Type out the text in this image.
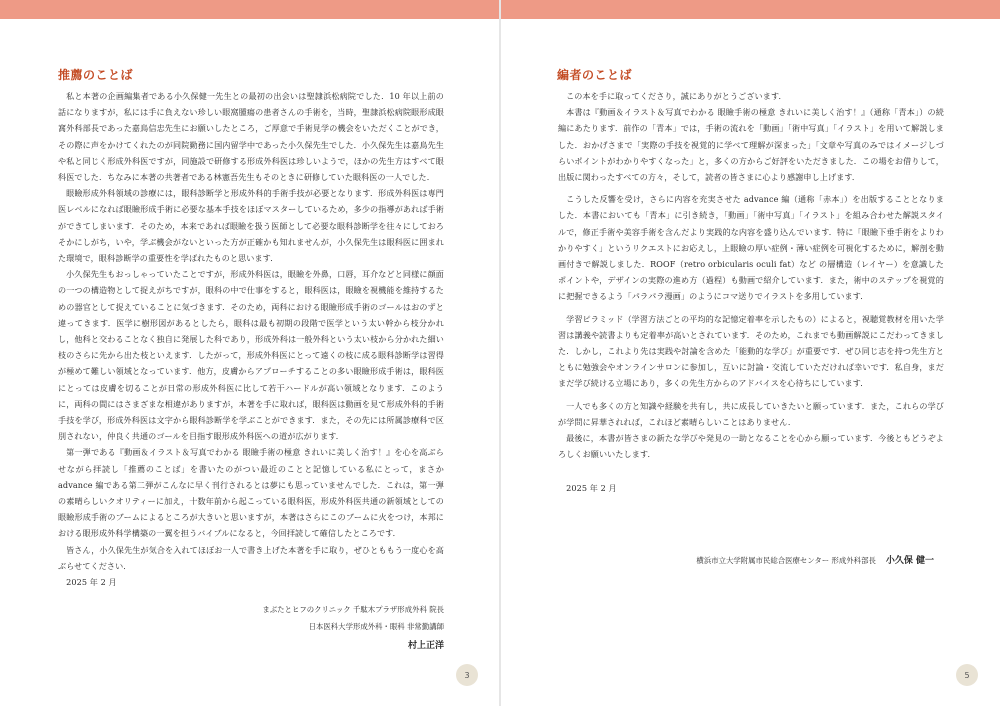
推薦のことば

私と本著の企画編集者である小久保健一先生との最初の出会いは聖隷浜松病院でした．10 年以上前の話になりますが，私には手に負えない珍しい眼窩腫瘍の患者さんの手術を，当時，聖隷浜松病院眼形成眼窩外科部長であった嘉鳥信忠先生にお願いしたところ，ご厚意で手術見学の機会をいただくことができ，その際に声をかけてくれたのが同院勤務に国内留学中であった小久保先生でした．小久保先生は嘉鳥先生や私と同じく形成外科医ですが，同施設で研修する形成外科医は珍しいようで，ほかの先生方はすべて眼科医でした．ちなみに本著の共著者である林憲吾先生もそのときに研修していた眼科医の一人でした．

眼瞼形成外科領域の診療には，眼科診断学と形成外科的手術手技が必要となります．形成外科医は専門医レベルになれば眼瞼形成手術に必要な基本手技をほぼマスターしているため，多少の指導があれば手術ができてしまいます．そのため，本来であれば眼瞼を扱う医師として必要な眼科診断学を往々にしておろそかにしがち，いや，学ぶ機会がないといった方が正確かも知れませんが，小久保先生は眼科医に囲まれた環境で，眼科診断学の重要性を学ばれたものと思います．

小久保先生もおっしゃっていたことですが，形成外科医は，眼瞼を外鼻，口唇，耳介などと同様に顔面の一つの構造物として捉えがちですが，眼科の中で仕事をすると，眼科医は，眼瞼を視機能を維持するための器官として捉えていることに気づきます．そのため，両科における眼瞼形成手術のゴールはおのずと違ってきます．医学に樹形図があるとしたら，眼科は最も初期の段階で医学という太い幹から枝分かれし，他科と交わることなく独自に発展した科であり，形成外科は一般外科という太い枝から分かれた細い枝のさらに先から出た枝といえます．したがって，形成外科医にとって遠くの枝に成る眼科診断学は習得が極めて難しい領域となっています．他方，皮膚からアプローチすることの多い眼瞼形成手術は，眼科医にとっては皮膚を切ることが日常の形成外科医に比して若干ハードルが高い領域となります．このように，両科の間にはさまざまな相違がありますが，本著を手に取れば，眼科医は動画を見て形成外科的手術手技を学び，形成外科医は文字から眼科診断学を学ぶことができます．また，その先には所属診療科で区別されない，仲良く共通のゴールを目指す眼形成外科医への道が広がります．

第一弾である『動画＆イラスト＆写真でわかる 眼瞼手術の極意 きれいに美しく治す！』を心を高ぶらせながら拝読し「推薦のことば」を書いたのがつい最近のことと記憶している私にとって，まさか advance 編である第二弾がこんなに早く刊行されるとは夢にも思っていませんでした．これは，第一弾の素晴らしいクオリティーに加え，十数年前から起こっている眼科医，形成外科医共通の新領域としての眼瞼形成手術のブームによるところが大きいと思いますが，本著はさらにこのブームに火をつけ，本邦における眼形成外科学構築の一翼を担うバイブルになると，今回拝読して確信したところです．

皆さん，小久保先生が気合を入れてほぼお一人で書き上げた本著を手に取り，ぜひとももう一度心を高ぶらせてください．

2025 年 2 月

まぶたとヒフのクリニック 千駄木プラザ形成外科 院長
日本医科大学形成外科・眼科 非常勤講師
村上正洋
3
編者のことば

この本を手に取ってくださり，誠にありがとうございます．

本書は『動画＆イラスト＆写真でわかる 眼瞼手術の極意 きれいに美しく治す！』（通称「青本」）の続編にあたります．前作の「青本」では，手術の流れを「動画」「術中写真」「イラスト」を用いて解説しました．おかげさまで「実際の手技を視覚的に学べて理解が深まった」「文章や写真のみではイメージしづらいポイントがわかりやすくなった」と，多くの方からご好評をいただきました．この場をお借りして，出版に関わったすべての方々，そして，読者の皆さまに心より感謝申し上げます．

こうした反響を受け，さらに内容を充実させた advance 編（通称「赤本」）を出版することとなりました．本書においても「青本」に引き続き，「動画」「術中写真」「イラスト」を組み合わせた解説スタイルで，修正手術や美容手術を含んだより実践的な内容を盛り込んでいます．特に「眼瞼下垂手術をよりわかりやすく」というリクエストにお応えし，上眼瞼の厚い症例・薄い症例を可視化するために，解剖を動画付きで解説しました．ROOF（retro orbicularis oculi fat）など の層構造（レイヤー）を意識したポイントや，デザインの実際の進め方（過程）も動画で紹介しています．また，術中のステップを視覚的に把握できるよう「パラパラ漫画」のようにコマ送りでイラストを多用しています．

学習ピラミッド（学習方法ごとの平均的な記憶定着率を示したもの）によると，視聴覚教材を用いた学習は講義や読書よりも定着率が高いとされています．そのため，これまでも動画解説にこだわってきました．しかし，これより先は実践や討論を含めた「能動的な学び」が重要です．ぜひ同じ志を持つ先生方とともに勉強会やオンラインサロンに参加し，互いに討論・交流していただければ幸いです．私自身，まだまだ学び続ける立場にあり，多くの先生方からのアドバイスを心待ちにしています．

一人でも多くの方と知識や経験を共有し，共に成長していきたいと願っています．また，これらの学びが学問に昇華されれば，これほど素晴らしいことはありません．

最後に，本書が皆さまの新たな学びや発見の一助となることを心から願っています．今後ともどうぞよろしくお願いいたします．

2025 年 2 月

横浜市立大学附属市民総合医療センター 形成外科部長 小久保 健一
5
